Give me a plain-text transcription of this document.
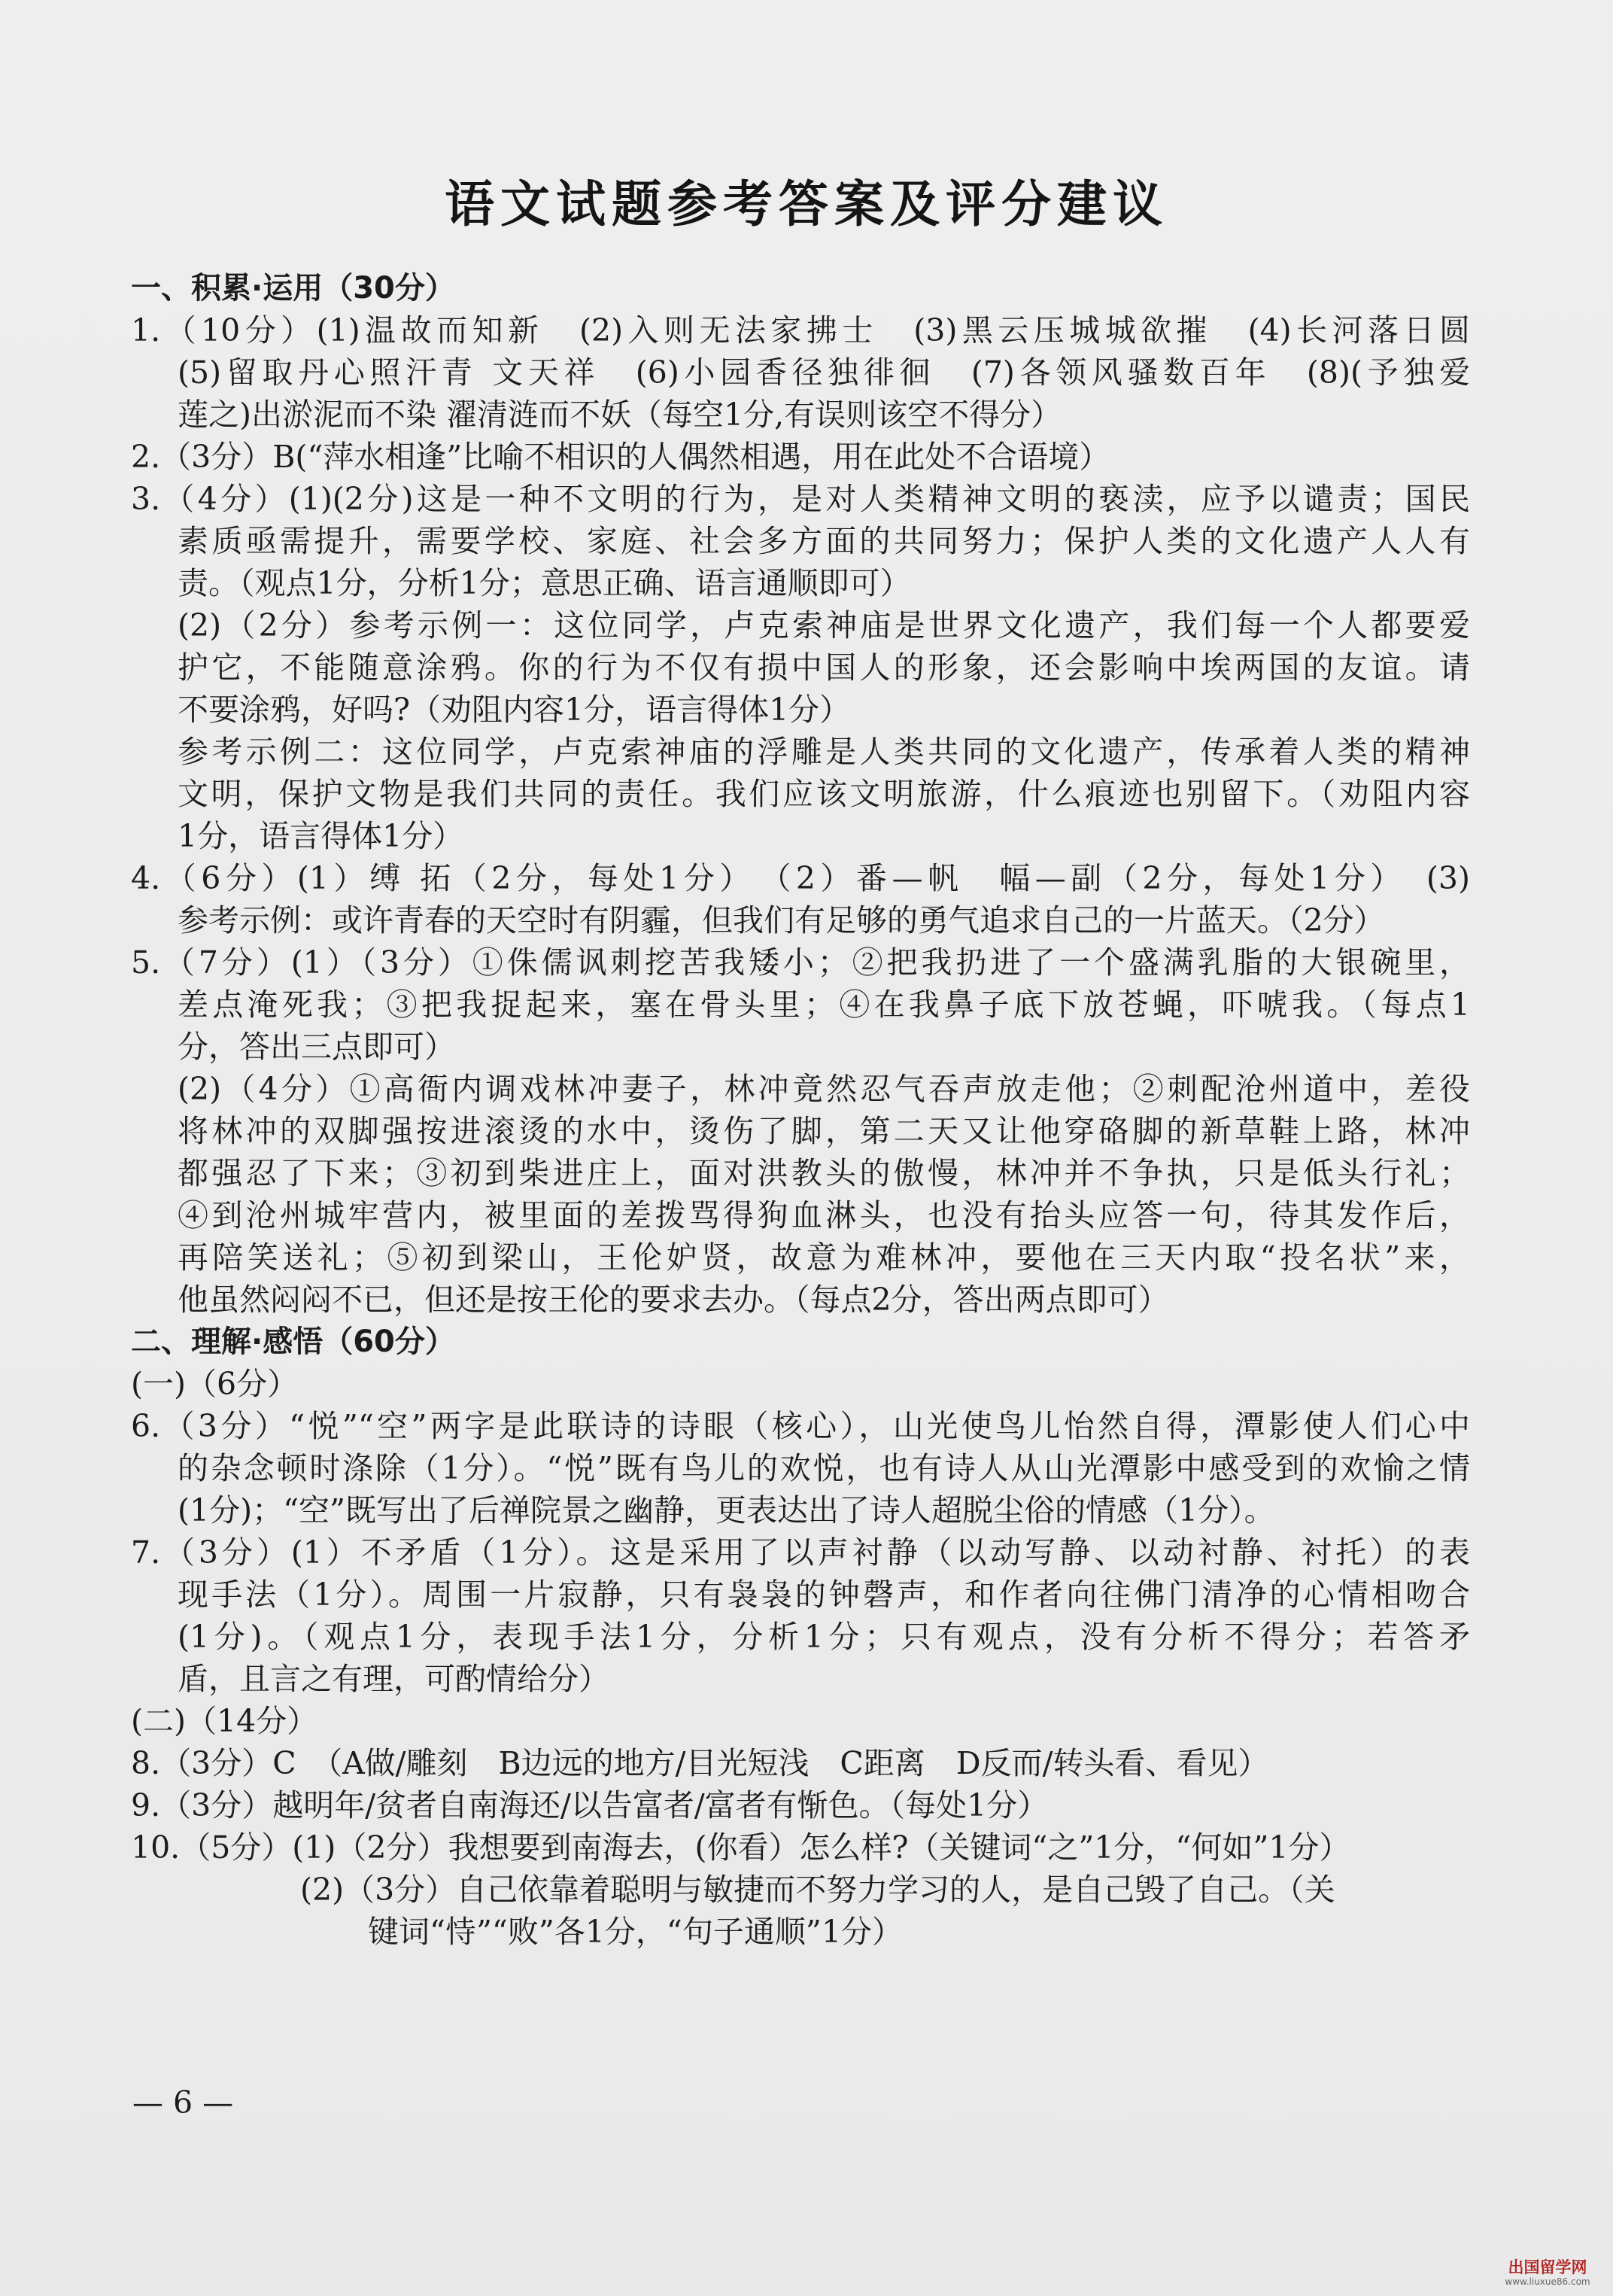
语文试题参考答案及评分建议
一、积累·运用（30分）
1.（10分）(1)温故而知新　(2)入则无法家拂士　(3)黑云压城城欲摧　(4)长河落日圆
(5)留取丹心照汗青 文天祥　(6)小园香径独徘徊　(7)各领风骚数百年　(8)(予独爱
莲之)出淤泥而不染 濯清涟而不妖（每空1分,有误则该空不得分）
2.（3分）B(“萍水相逢”比喻不相识的人偶然相遇，用在此处不合语境）
3.（4分）(1)(2分)这是一种不文明的行为，是对人类精神文明的亵渎，应予以谴责；国民
素质亟需提升，需要学校、家庭、社会多方面的共同努力；保护人类的文化遗产人人有
责。（观点1分，分析1分；意思正确、语言通顺即可）
(2)（2分）参考示例一：这位同学，卢克索神庙是世界文化遗产，我们每一个人都要爱
护它，不能随意涂鸦。你的行为不仅有损中国人的形象，还会影响中埃两国的友谊。请
不要涂鸦，好吗?（劝阻内容1分，语言得体1分）
参考示例二：这位同学，卢克索神庙的浮雕是人类共同的文化遗产，传承着人类的精神
文明，保护文物是我们共同的责任。我们应该文明旅游，什么痕迹也别留下。（劝阻内容
1分，语言得体1分）
4.（6分）(1）缚 拓（2分，每处1分）　（2）番—帆　幅—副（2分，每处1分）　(3)
参考示例：或许青春的天空时有阴霾，但我们有足够的勇气追求自己的一片蓝天。（2分）
5.（7分）(1）（3分）①侏儒讽刺挖苦我矮小；②把我扔进了一个盛满乳脂的大银碗里，
差点淹死我；③把我捉起来，塞在骨头里；④在我鼻子底下放苍蝇，吓唬我。（每点1
分，答出三点即可）
(2)（4分）①高衙内调戏林冲妻子，林冲竟然忍气吞声放走他；②刺配沧州道中，差役
将林冲的双脚强按进滚烫的水中，烫伤了脚，第二天又让他穿硌脚的新草鞋上路，林冲
都强忍了下来；③初到柴进庄上，面对洪教头的傲慢，林冲并不争执，只是低头行礼；
④到沧州城牢营内，被里面的差拨骂得狗血淋头，也没有抬头应答一句，待其发作后，
再陪笑送礼；⑤初到梁山，王伦妒贤，故意为难林冲，要他在三天内取“投名状”来，
他虽然闷闷不已，但还是按王伦的要求去办。（每点2分，答出两点即可）
二、理解·感悟（60分）
(一)（6分）
6.（3分）“悦”“空”两字是此联诗的诗眼（核心），山光使鸟儿怡然自得，潭影使人们心中
的杂念顿时涤除（1分）。“悦”既有鸟儿的欢悦，也有诗人从山光潭影中感受到的欢愉之情
(1分)；“空”既写出了后禅院景之幽静，更表达出了诗人超脱尘俗的情感（1分）。
7.（3分）(1）不矛盾（1分）。这是采用了以声衬静（以动写静、以动衬静、衬托）的表
现手法（1分）。周围一片寂静，只有袅袅的钟磬声，和作者向往佛门清净的心情相吻合
(1分)。（观点1分，表现手法1分，分析1分；只有观点，没有分析不得分；若答矛
盾，且言之有理，可酌情给分）
(二)（14分）
8.（3分）C　（A做/雕刻　B边远的地方/目光短浅　C距离　D反而/转头看、看见）
9.（3分）越明年/贫者自南海还/以告富者/富者有惭色。（每处1分）
10.（5分）(1)（2分）我想要到南海去，(你看）怎么样?（关键词“之”1分，“何如”1分）
(2)（3分）自己依靠着聪明与敏捷而不努力学习的人，是自己毁了自己。（关
键词“恃”“败”各1分，“句子通顺”1分）
— 6 —
出国留学网
www.liuxue86.com
